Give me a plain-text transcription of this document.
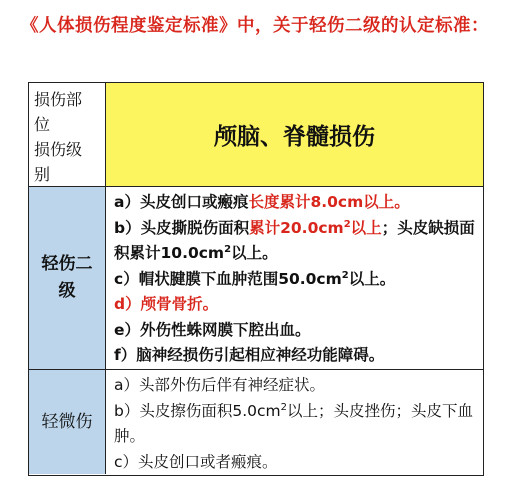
《人体损伤程度鉴定标准》中，关于轻伤二级的认定标准：
损伤部
位
损伤级
别
颅脑、脊髓损伤
轻伤二
级

a）头皮创口或瘢痕长度累计8.0cm以上。

b）头皮撕脱伤面积累计$20.0cm^2$以上；头皮缺损面积累计$10.0cm^2$以上。

c）帽状腱膜下血肿范围$50.0cm^2$以上。

d）颅骨骨折。

e）外伤性蛛网膜下腔出血。

f）脑神经损伤引起相应神经功能障碍。

轻微伤

a）头部外伤后伴有神经症状。

b）头皮擦伤面积$5.0cm^2$以上；头皮挫伤；头皮下血肿。

c）头皮创口或者瘢痕。
